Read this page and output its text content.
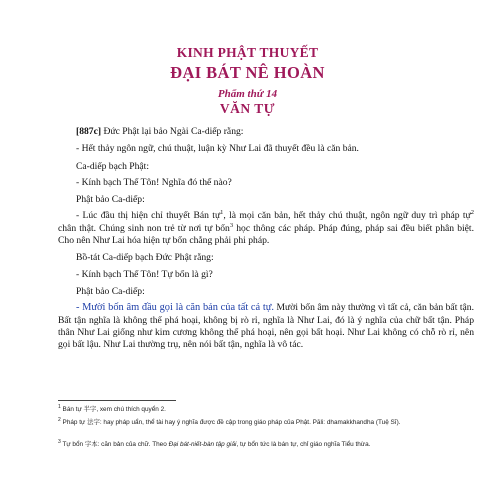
KINH PHẬT THUYẾT
ĐẠI BÁT NÊ HOÀN
Phẩm thứ 14
VĂN TỰ

[887c] Đức Phật lại bảo Ngài Ca-diếp rằng:

- Hết thảy ngôn ngữ, chú thuật, luận kỳ Như Lai đã thuyết đều là căn bản.

Ca-diếp bạch Phật:

- Kính bạch Thế Tôn! Nghĩa đó thế nào?

Phật bảo Ca-diếp:

- Lúc đầu thị hiện chỉ thuyết Bán tự$^1$, là mọi căn bản, hết thảy chú thuật, ngôn ngữ duy trì pháp tự$^2$ chân thật. Chúng sinh non trẻ từ nơi tự bổn$^3$ học thông các pháp. Pháp đúng, pháp sai đều biết phân biệt. Cho nên Như Lai hóa hiện tự bổn chẳng phải phi pháp.

Bồ-tát Ca-diếp bạch Đức Phật rằng:

- Kính bạch Thế Tôn! Tự bổn là gì?

Phật bảo Ca-diếp:

- Mười bốn âm đầu gọi là căn bản của tất cả tự. Mười bốn âm này thường vì tất cả, căn bản bất tận. Bất tận nghĩa là không thể phá hoại, không bị rò rỉ, nghĩa là Như Lai, đó là ý nghĩa của chữ bất tận. Pháp thân Như Lai giống như kim cương không thể phá hoại, nên gọi bất hoại. Như Lai không có chỗ rò rỉ, nên gọi bất lậu. Như Lai thường trụ, nên nói bất tận, nghĩa là vô tác.

$^1$ Bán tự 半字, xem chú thích quyển 2.
$^2$ Pháp tự 法字: hay pháp uẩn, thể tài hay ý nghĩa được đề cập trong giáo pháp của Phật. Pāli: dhamakkhandha (Tuệ Sĩ).
$^3$ Tự bổn 字本: căn bản của chữ. Theo Đại bát-niết-bàn tập giải, tự bổn tức là bán tự, chỉ giáo nghĩa Tiểu thừa.
